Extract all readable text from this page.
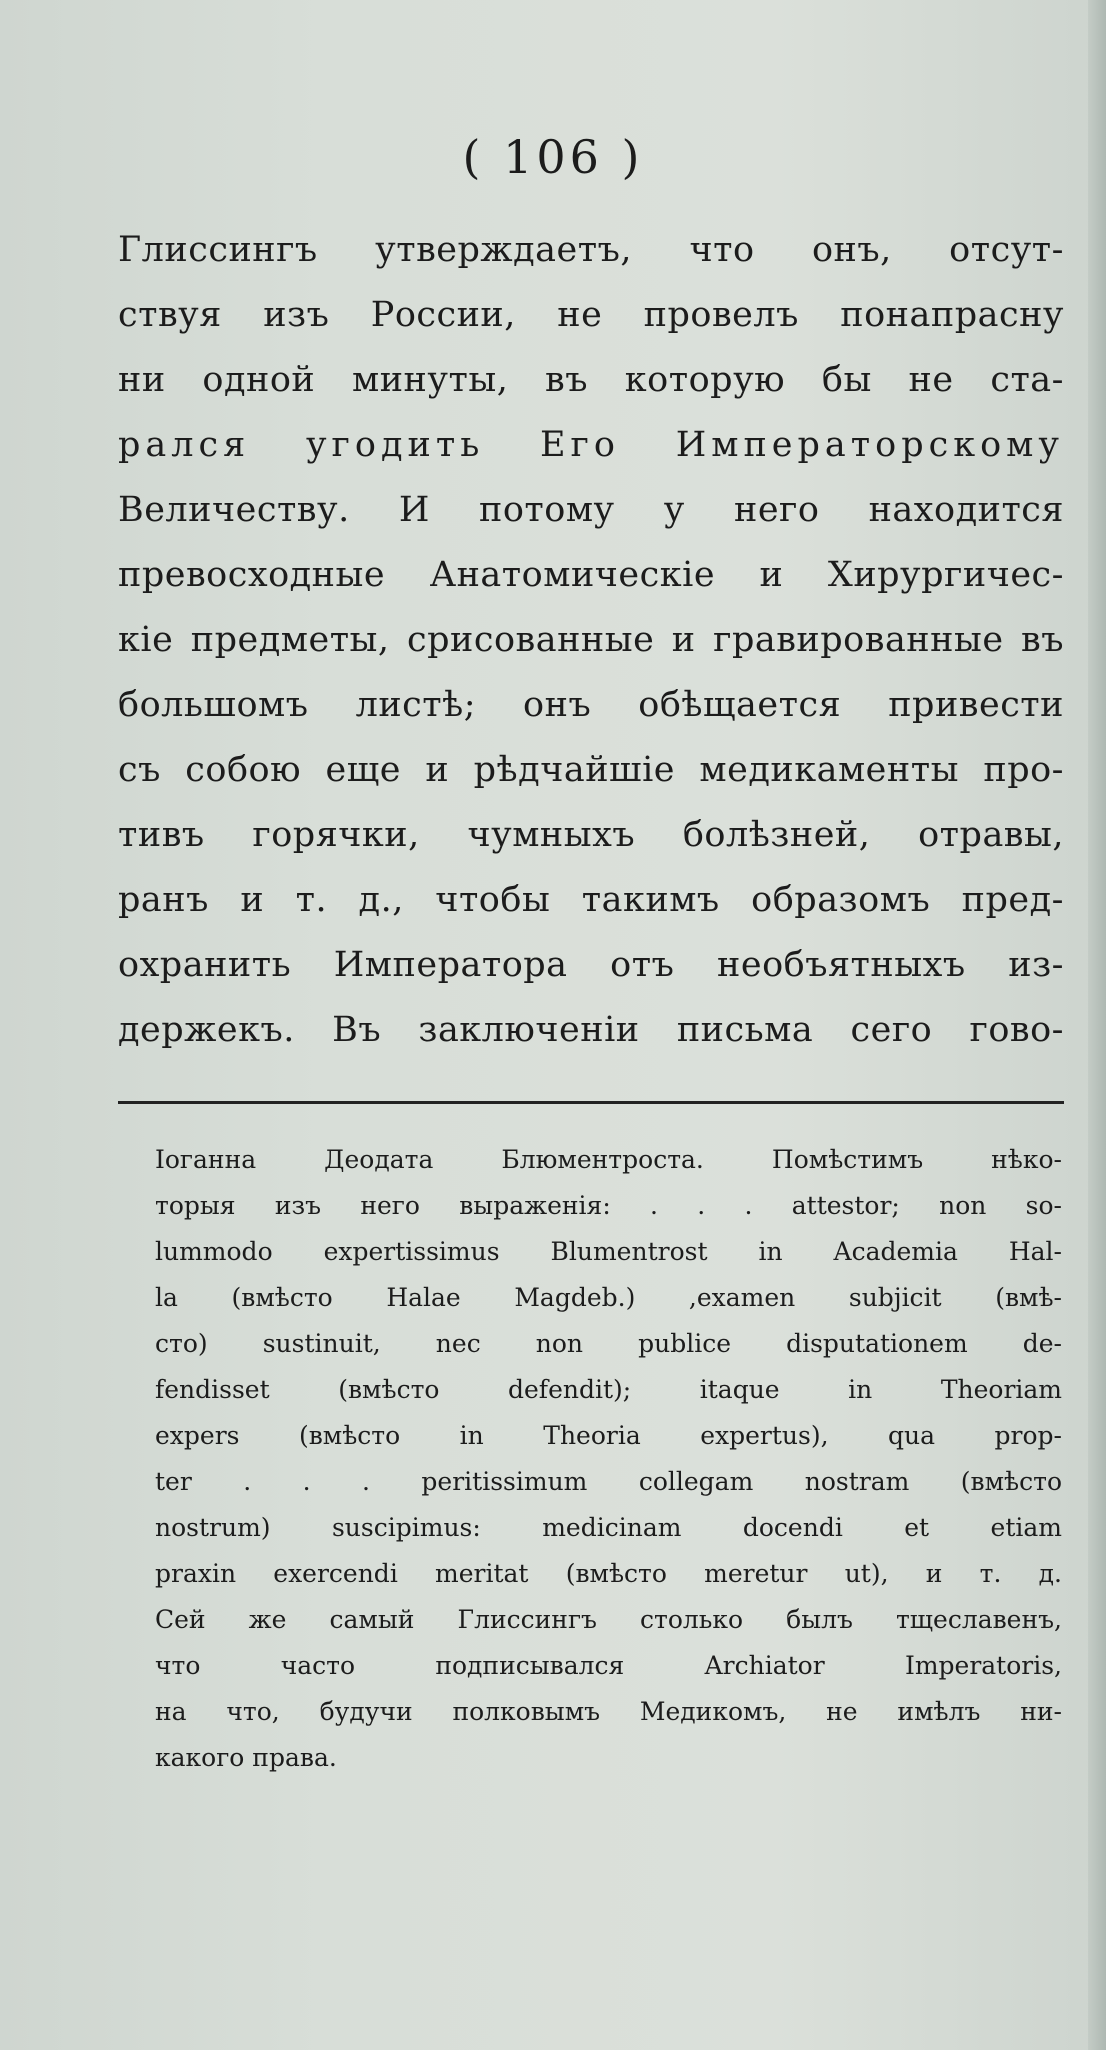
( 106 )
Глиссингъ утверждаетъ, что онъ, отсут-
ствуя изъ России, не провелъ понапрасну
ни одной минуты, въ которую бы не ста-
рался угодить Его Императорскому
Величеству. И потому у него находится
превосходные Анатомическіе и Хирургичес-
кіе предметы, срисованные и гравированные въ
большомъ листѣ; онъ обѣщается привести
съ собою еще и рѣдчайшіе медикаменты про-
тивъ горячки, чумныхъ болѣзней, отравы,
ранъ и т. д., чтобы такимъ образомъ пред-
охранить Императора отъ необъятныхъ из-
держекъ. Въ заключеніи письма сего гово-
Іоганна Деодата Блюментроста. Помѣстимъ нѣко-
торыя изъ него выраженія: . . . attestor; non so-
lummodo expertissimus Blumentrost in Academia Hal-
la (вмѣсто Halae Magdeb.) ,examen subjicit (вмѣ-
сто) sustinuit, nec non publice disputationem de-
fendisset (вмѣсто defendit); itaque in Theoriam
expers (вмѣсто in Theoria expertus), qua prop-
ter . . . peritissimum collegam nostram (вмѣсто
nostrum) suscipimus: medicinam docendi et etiam
praxin exercendi meritat (вмѣсто meretur ut), и т. д.
Сей же самый Глиссингъ столько былъ тщеславенъ,
что часто подписывался Archiator Imperatoris,
на что, будучи полковымъ Медикомъ, не имѣлъ ни-
какого права.
